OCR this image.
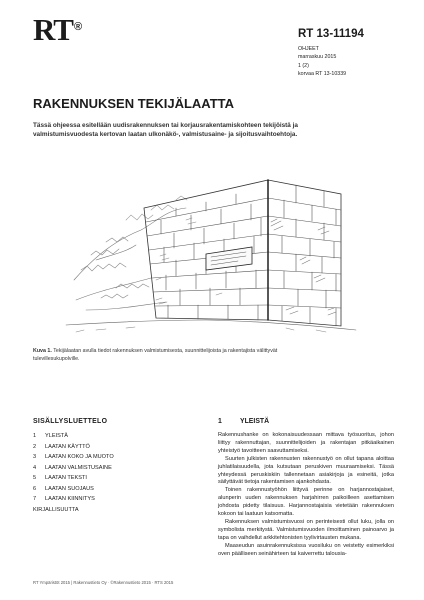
RT®
RT 13-11194
OHJEET
marraskuu 2015
1 (2)
korvaa RT 13-10339
RAKENNUKSEN TEKIJÄLAATTA
Tässä ohjeessa esitellään uudisrakennuksen tai korjausrakentamiskohteen tekijöistä ja valmistumisvuodesta kertovan laatan ulkonäkö-, valmistusaine- ja sijoitusvaihtoehtoja.
Kuva 1. Tekijälaatan avulla tiedot rakennuksen valmistumisesta, suunnittelijoista ja rakentajista välittyvät tulevillesukupolville.
SISÄLLYSLUETTELO
1 YLEISTÄ
2 LAATAN KÄYTTÖ
3 LAATAN KOKO JA MUOTO
4 LAATAN VALMISTUSAINE
5 LAATAN TEKSTI
6 LAATAN SUOJAUS
7 LAATAN KIINNITYS
KIRJALLISUUTTA
1	YLEISTÄ

Rakennushanke on kokonaisuudessaan mittava työsuoritus, johon liittyy rakennuttajan, suunnittelijoiden ja rakentajan pitkäaikainen yhteistyö tavoitteen saavuttamiseksi.

Suurten julkisten rakennusten rakennustyö on ollut tapana aloittaa juhlatilaisuudella, jota kutsutaan peruskiven muuraamiseksi. Tässä yhteydessä peruskiskiin tallennetaan asiakirjoja ja esineitä, jotka säilyttävät tietoja rakentamisen ajankohdasta.

Toinen rakennustyöhön liittyvä perinne on harjannostajaiset, alunperin uuden rakennuksen harjahirren paikoilleen asettamisen johdosta pidetty tilaisuus. Harjannostajaisia vietetään rakennuksen kokoon tai laatuun katsomatta.

Rakennuksen valmistumisvuosi on perinteisesti ollut luku, jolla on symbolista merkitystä. Valmistumisvuoden ilmoittaminen painoarvo ja tapa on vaihdellut arkkitehtonisten tyylivirtausten mukana.

Maaseudun asuinrakennuksissa vuosiluku on veistetty esimerkiksi oven päälliseen seinähirteen tai kaiverrettu talousia-

RT Ympäristöt 2015 | Rakennustieto Oy · ©Rakennustieto 2015 · RTS 2015
